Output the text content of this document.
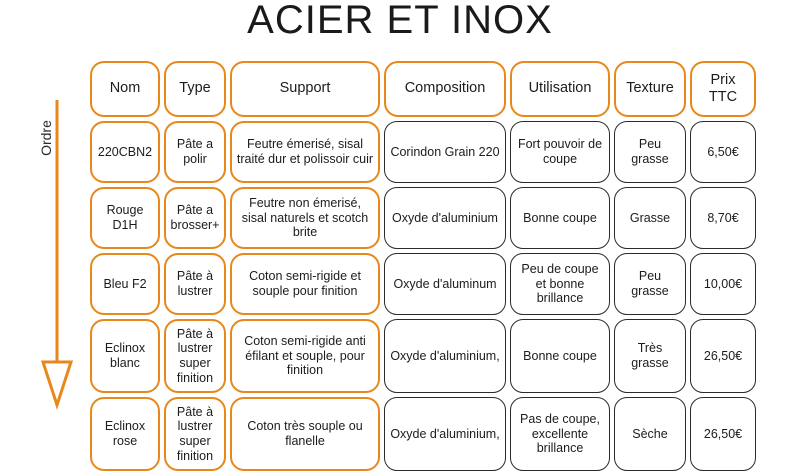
ACIER ET INOX
Ordre
Nom	Type	Support	Composition	Utilisation	Texture	Prix TTC
220CBN2	Pâte a polir	Feutre émerisé, sisal traité dur et polissoir cuir	Corindon Grain 220	Fort pouvoir de coupe	Peu grasse	6,50€
Rouge D1H	Pâte a brosser+	Feutre non émerisé, sisal naturels et scotch brite	Oxyde d'aluminium	Bonne coupe	Grasse	8,70€
Bleu F2	Pâte à lustrer	Coton semi-rigide et souple pour finition	Oxyde d'aluminum	Peu de coupe et bonne brillance	Peu grasse	10,00€
Eclinox blanc	Pâte à lustrer super finition	Coton semi-rigide anti éfilant et souple, pour finition	Oxyde d'aluminium,	Bonne coupe	Très grasse	26,50€
Eclinox rose	Pâte à lustrer super finition	Coton très souple ou flanelle	Oxyde d'aluminium,	Pas de coupe, excellente brillance	Sèche	26,50€
